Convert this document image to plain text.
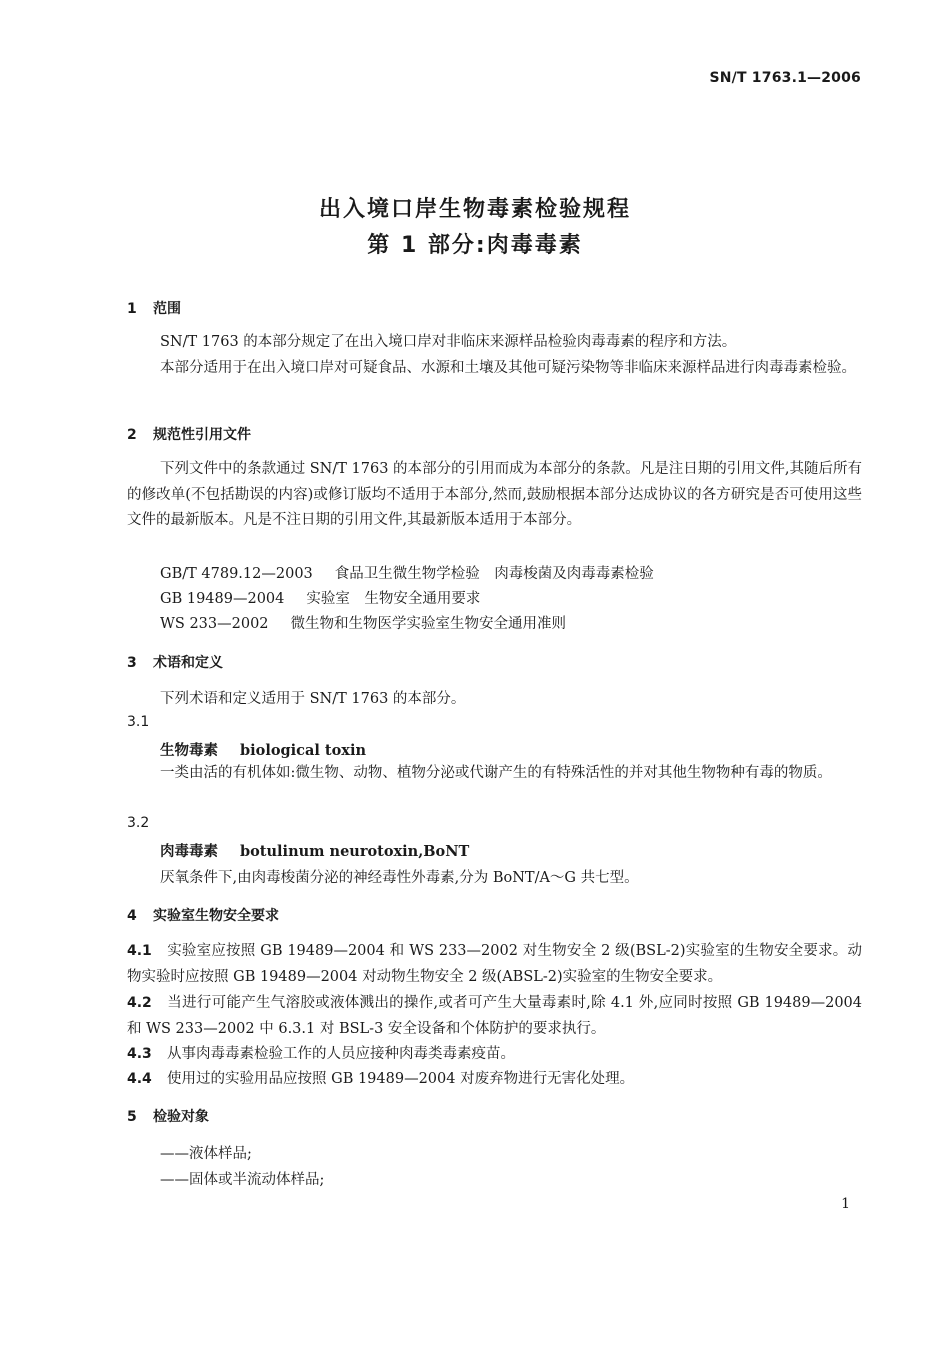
SN/T 1763.1—2006
出入境口岸生物毒素检验规程
第 1 部分:肉毒毒素
1 范围
SN/T 1763 的本部分规定了在出入境口岸对非临床来源样品检验肉毒毒素的程序和方法。
本部分适用于在出入境口岸对可疑食品、水源和土壤及其他可疑污染物等非临床来源样品进行肉毒毒素检验。
2 规范性引用文件
下列文件中的条款通过 SN/T 1763 的本部分的引用而成为本部分的条款。凡是注日期的引用文件,其随后所有的修改单(不包括勘误的内容)或修订版均不适用于本部分,然而,鼓励根据本部分达成协议的各方研究是否可使用这些文件的最新版本。凡是不注日期的引用文件,其最新版本适用于本部分。
GB/T 4789.12—2003 食品卫生微生物学检验　肉毒梭菌及肉毒毒素检验
GB 19489—2004 实验室　生物安全通用要求
WS 233—2002 微生物和生物医学实验室生物安全通用准则
3 术语和定义
下列术语和定义适用于 SN/T 1763 的本部分。
3.1
生物毒素 biological toxin
一类由活的有机体如:微生物、动物、植物分泌或代谢产生的有特殊活性的并对其他生物物种有毒的物质。
3.2
肉毒毒素 botulinum neurotoxin,BoNT
厌氧条件下,由肉毒梭菌分泌的神经毒性外毒素,分为 BoNT/A～G 共七型。
4 实验室生物安全要求
4.1 实验室应按照 GB 19489—2004 和 WS 233—2002 对生物安全 2 级(BSL-2)实验室的生物安全要求。动物实验时应按照 GB 19489—2004 对动物生物安全 2 级(ABSL-2)实验室的生物安全要求。
4.2 当进行可能产生气溶胶或液体溅出的操作,或者可产生大量毒素时,除 4.1 外,应同时按照 GB 19489—2004和 WS 233—2002 中 6.3.1 对 BSL-3 安全设备和个体防护的要求执行。
4.3 从事肉毒毒素检验工作的人员应接种肉毒类毒素疫苗。
4.4 使用过的实验用品应按照 GB 19489—2004 对废弃物进行无害化处理。
5 检验对象
——液体样品;
——固体或半流动体样品;
1
